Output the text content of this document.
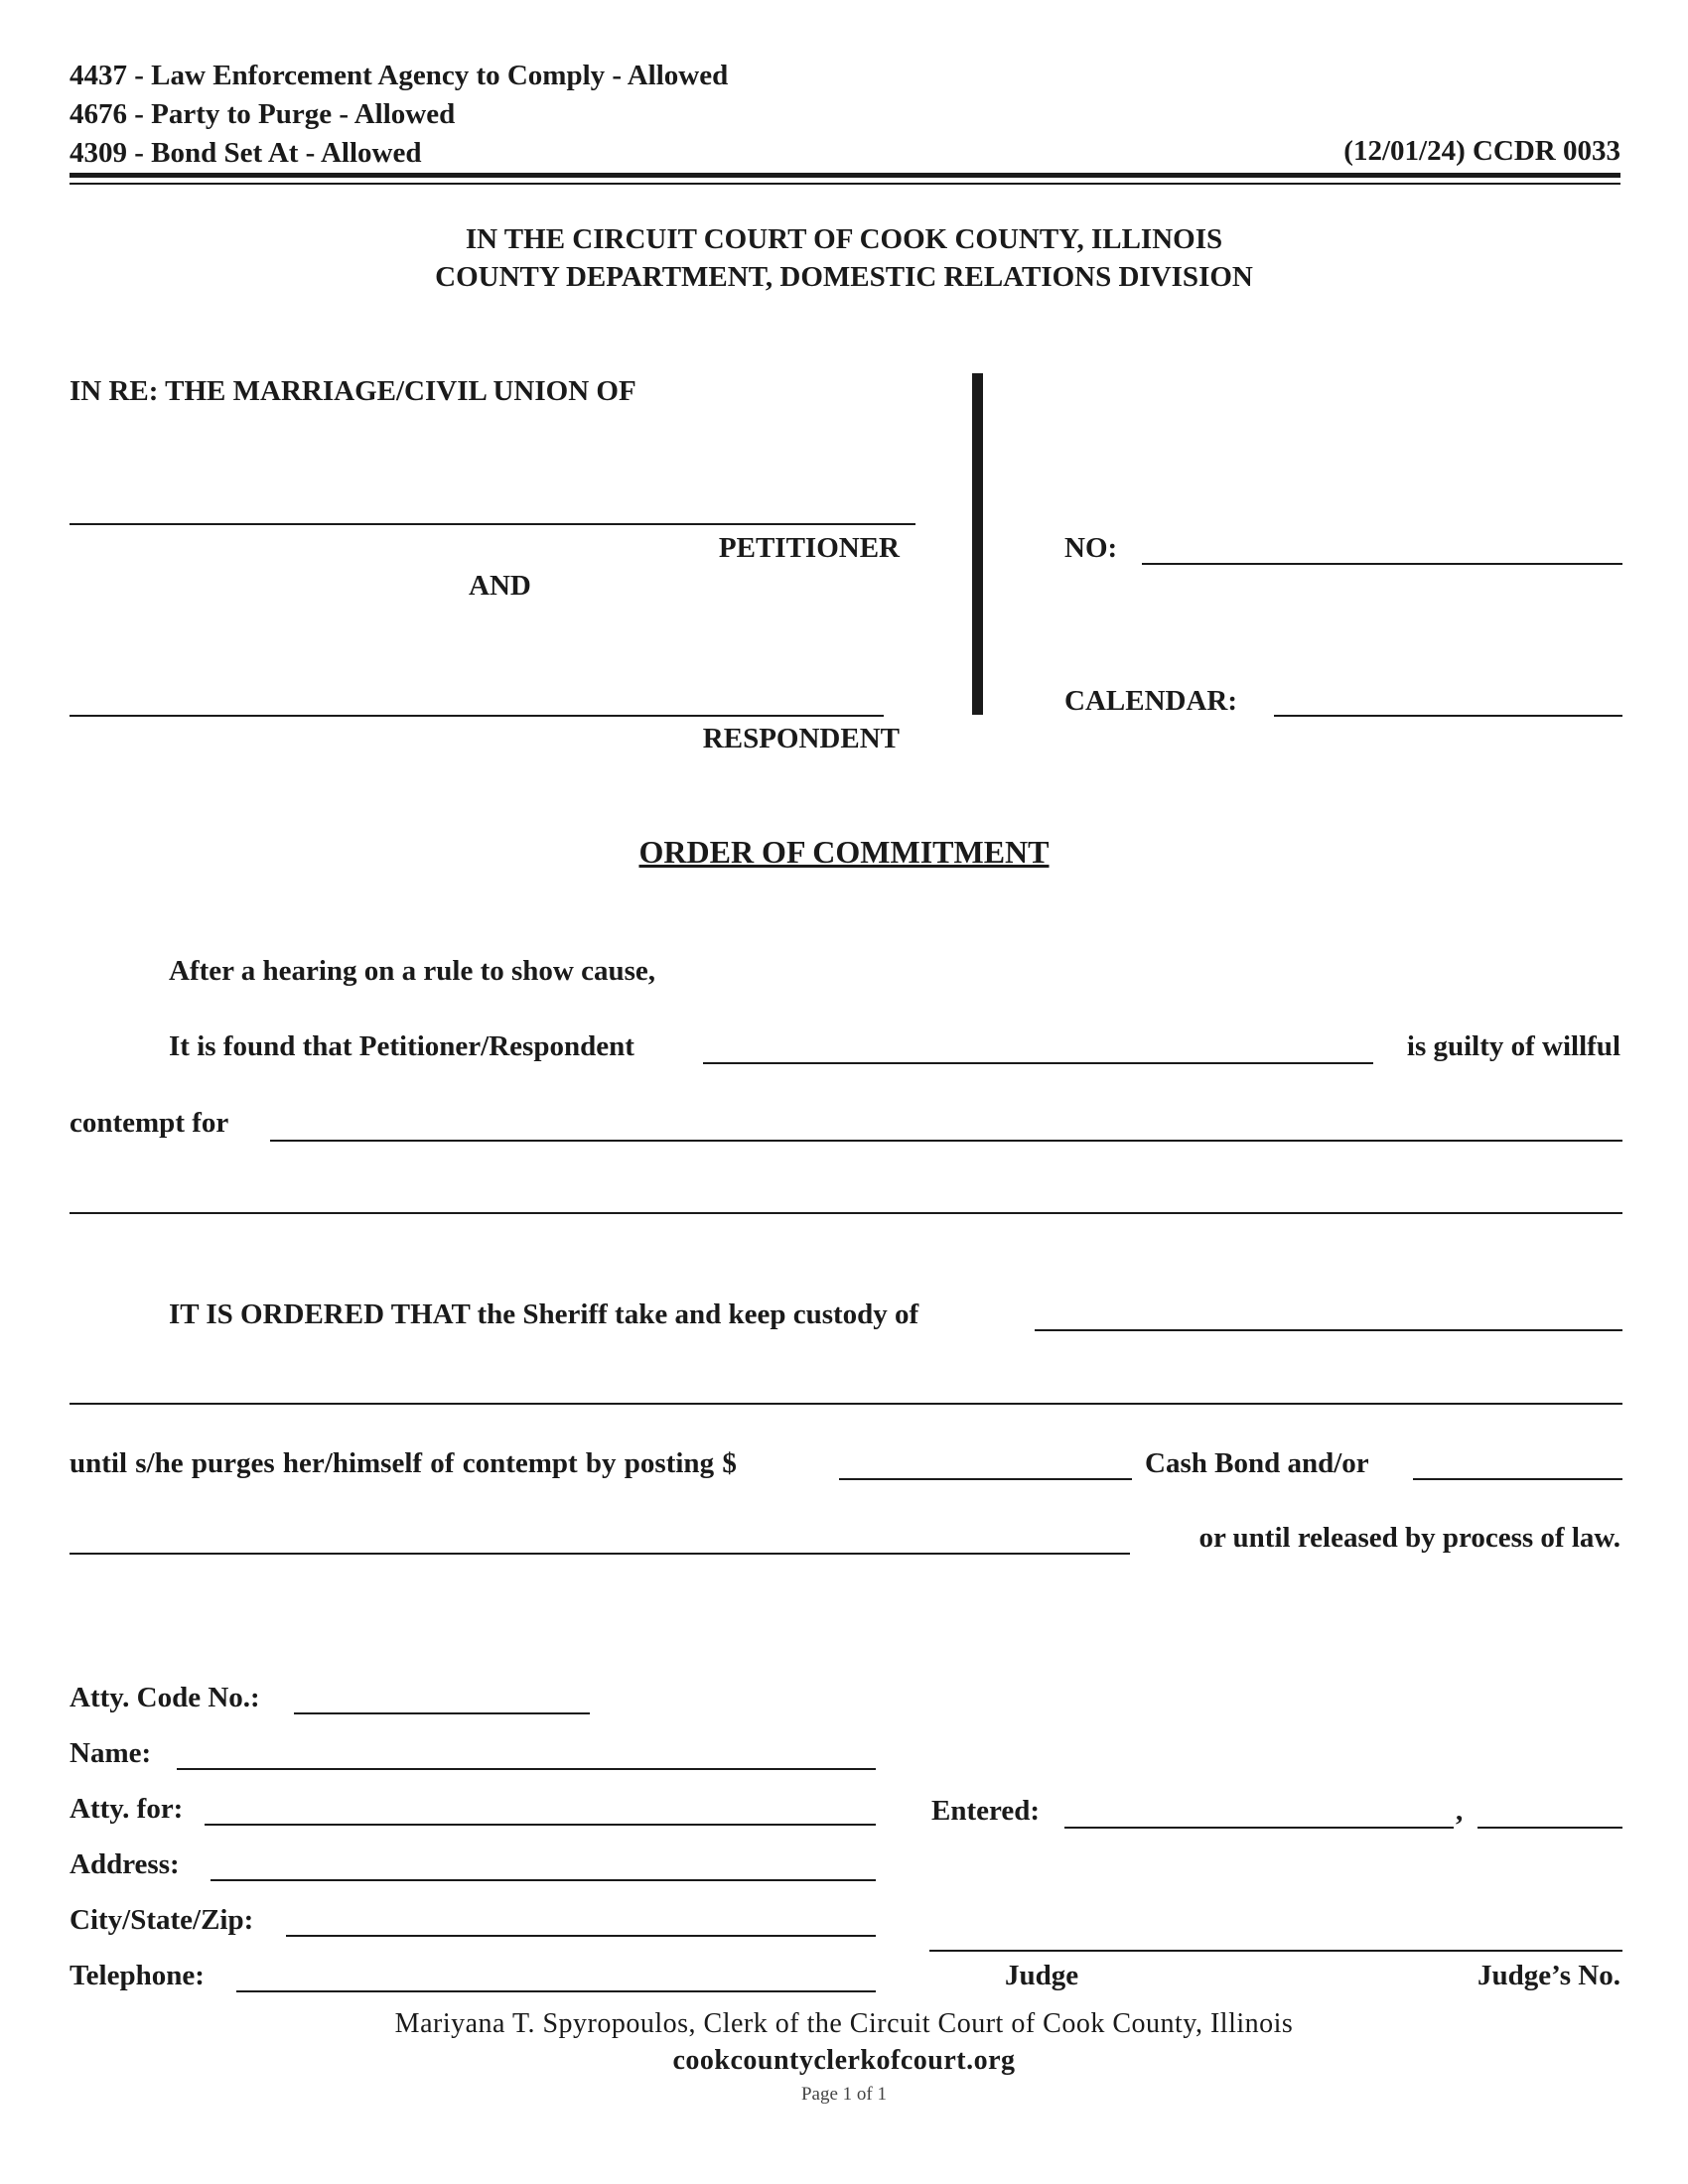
4437 - Law Enforcement Agency to Comply - Allowed
4676 - Party to Purge - Allowed
4309 - Bond Set At - Allowed	(12/01/24) CCDR 0033
IN THE CIRCUIT COURT OF COOK COUNTY, ILLINOIS
COUNTY DEPARTMENT, DOMESTIC RELATIONS DIVISION
IN RE: THE MARRIAGE/CIVIL UNION OF
PETITIONER
AND
RESPONDENT
NO:
CALENDAR:
ORDER OF COMMITMENT
After a hearing on a rule to show cause,
It is found that Petitioner/Respondent	is guilty of willful
contempt for
IT IS ORDERED THAT the Sheriff take and keep custody of
until s/he purges her/himself of contempt by posting $	Cash Bond and/or
or until released by process of law.
Atty. Code No.:
Name:
Atty. for:
Address:
City/State/Zip:
Telephone:
Entered:	,
Judge	Judge’s No.
Mariyana T. Spyropoulos, Clerk of the Circuit Court of Cook County, Illinois
cookcountyclerkofcourt.org
Page 1 of 1
